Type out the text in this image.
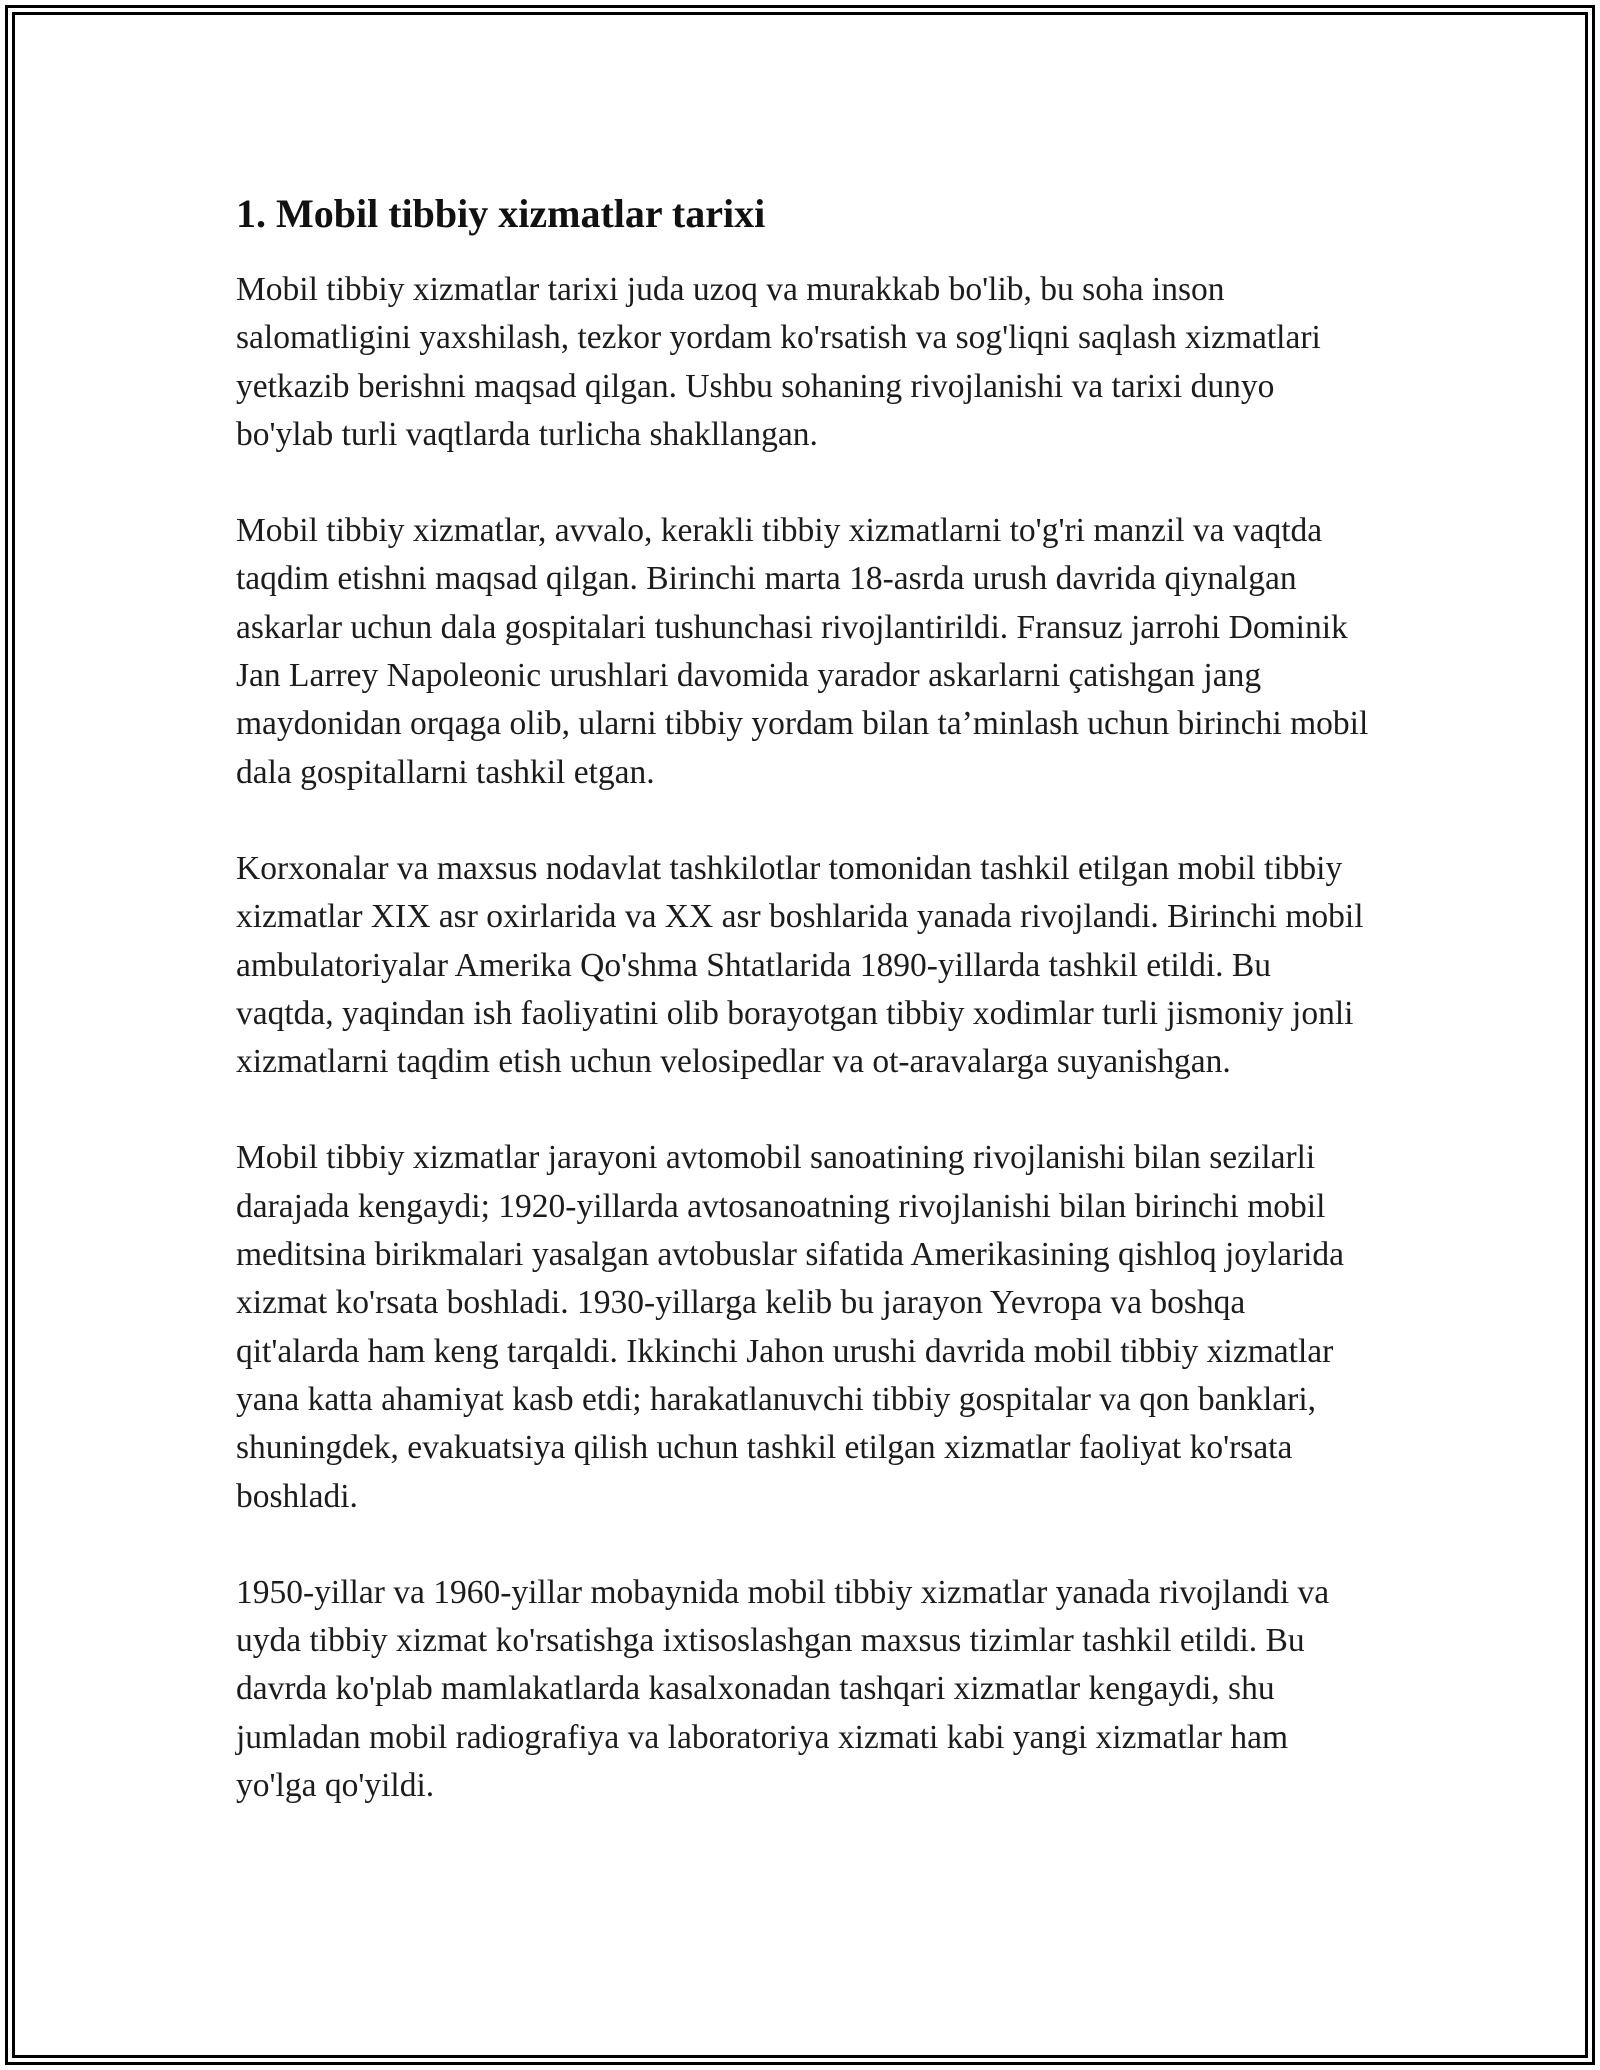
1. Mobil tibbiy xizmatlar tarixi

Mobil tibbiy xizmatlar tarixi juda uzoq va murakkab bo'lib, bu soha inson salomatligini yaxshilash, tezkor yordam ko'rsatish va sog'liqni saqlash xizmatlari yetkazib berishni maqsad qilgan. Ushbu sohaning rivojlanishi va tarixi dunyo bo'ylab turli vaqtlarda turlicha shakllangan.

Mobil tibbiy xizmatlar, avvalo, kerakli tibbiy xizmatlarni to'g'ri manzil va vaqtda taqdim etishni maqsad qilgan. Birinchi marta 18-asrda urush davrida qiynalgan askarlar uchun dala gospitalari tushunchasi rivojlantirildi. Fransuz jarrohi Dominik Jan Larrey Napoleonic urushlari davomida yarador askarlarni çatishgan jang maydonidan orqaga olib, ularni tibbiy yordam bilan ta’minlash uchun birinchi mobil dala gospitallarni tashkil etgan.

Korxonalar va maxsus nodavlat tashkilotlar tomonidan tashkil etilgan mobil tibbiy xizmatlar XIX asr oxirlarida va XX asr boshlarida yanada rivojlandi. Birinchi mobil ambulatoriyalar Amerika Qo'shma Shtatlarida 1890-yillarda tashkil etildi. Bu vaqtda, yaqindan ish faoliyatini olib borayotgan tibbiy xodimlar turli jismoniy jonli xizmatlarni taqdim etish uchun velosipedlar va ot-aravalarga suyanishgan.

Mobil tibbiy xizmatlar jarayoni avtomobil sanoatining rivojlanishi bilan sezilarli darajada kengaydi; 1920-yillarda avtosanoatning rivojlanishi bilan birinchi mobil meditsina birikmalari yasalgan avtobuslar sifatida Amerikasining qishloq joylarida xizmat ko'rsata boshladi. 1930-yillarga kelib bu jarayon Yevropa va boshqa qit'alarda ham keng tarqaldi. Ikkinchi Jahon urushi davrida mobil tibbiy xizmatlar yana katta ahamiyat kasb etdi; harakatlanuvchi tibbiy gospitalar va qon banklari, shuningdek, evakuatsiya qilish uchun tashkil etilgan xizmatlar faoliyat ko'rsata boshladi.

1950-yillar va 1960-yillar mobaynida mobil tibbiy xizmatlar yanada rivojlandi va uyda tibbiy xizmat ko'rsatishga ixtisoslashgan maxsus tizimlar tashkil etildi. Bu davrda ko'plab mamlakatlarda kasalxonadan tashqari xizmatlar kengaydi, shu jumladan mobil radiografiya va laboratoriya xizmati kabi yangi xizmatlar ham yo'lga qo'yildi.
